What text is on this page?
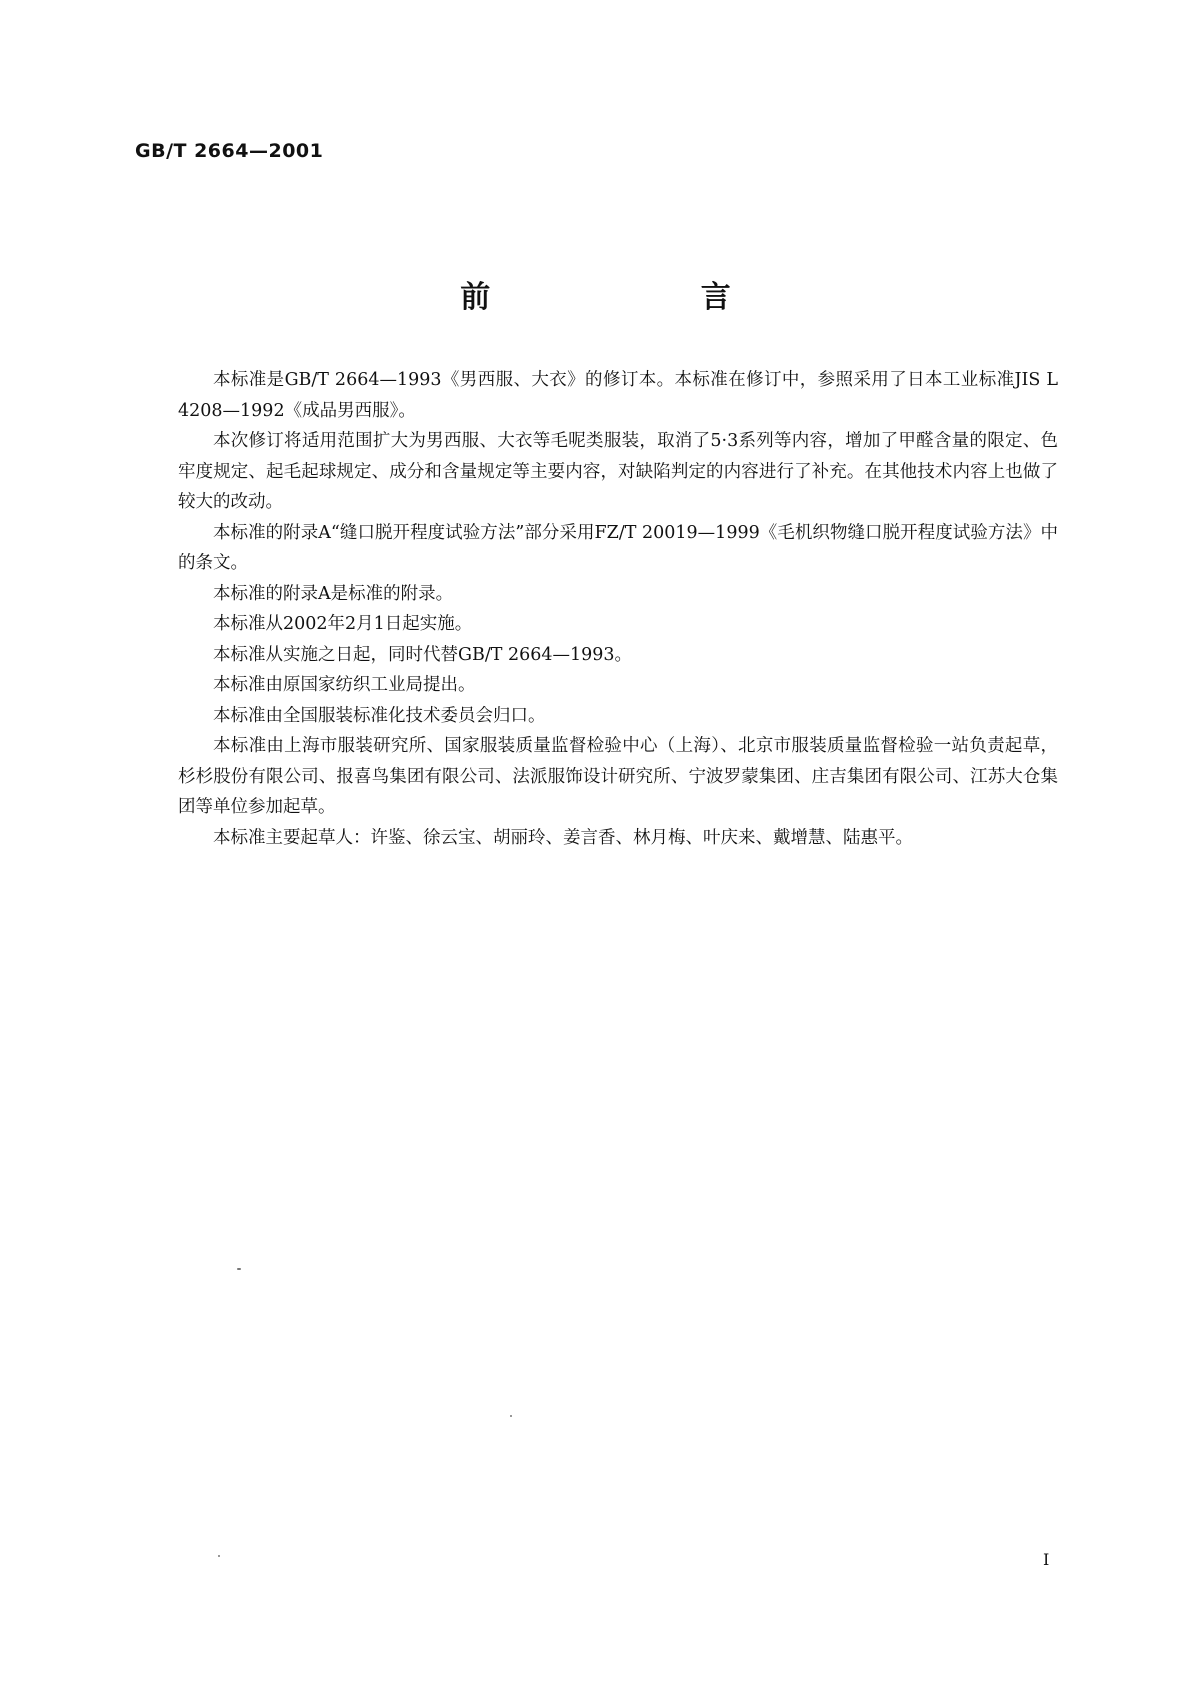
GB/T 2664—2001
前 言

本标准是GB/T 2664—1993《男西服、大衣》的修订本。本标准在修订中，参照采用了日本工业标准JIS L 4208—1992《成品男西服》。

本次修订将适用范围扩大为男西服、大衣等毛呢类服装，取消了5·3系列等内容，增加了甲醛含量的限定、色牢度规定、起毛起球规定、成分和含量规定等主要内容，对缺陷判定的内容进行了补充。在其他技术内容上也做了较大的改动。

本标准的附录A“缝口脱开程度试验方法”部分采用FZ/T 20019—1999《毛机织物缝口脱开程度试验方法》中的条文。

本标准的附录A是标准的附录。

本标准从2002年2月1日起实施。

本标准从实施之日起，同时代替GB/T 2664—1993。

本标准由原国家纺织工业局提出。

本标准由全国服装标准化技术委员会归口。

本标准由上海市服装研究所、国家服装质量监督检验中心（上海）、北京市服装质量监督检验一站负责起草，杉杉股份有限公司、报喜鸟集团有限公司、法派服饰设计研究所、宁波罗蒙集团、庄吉集团有限公司、江苏大仓集团等单位参加起草。

本标准主要起草人：许鉴、徐云宝、胡丽玲、姜言香、林月梅、叶庆来、戴增慧、陆惠平。

I
